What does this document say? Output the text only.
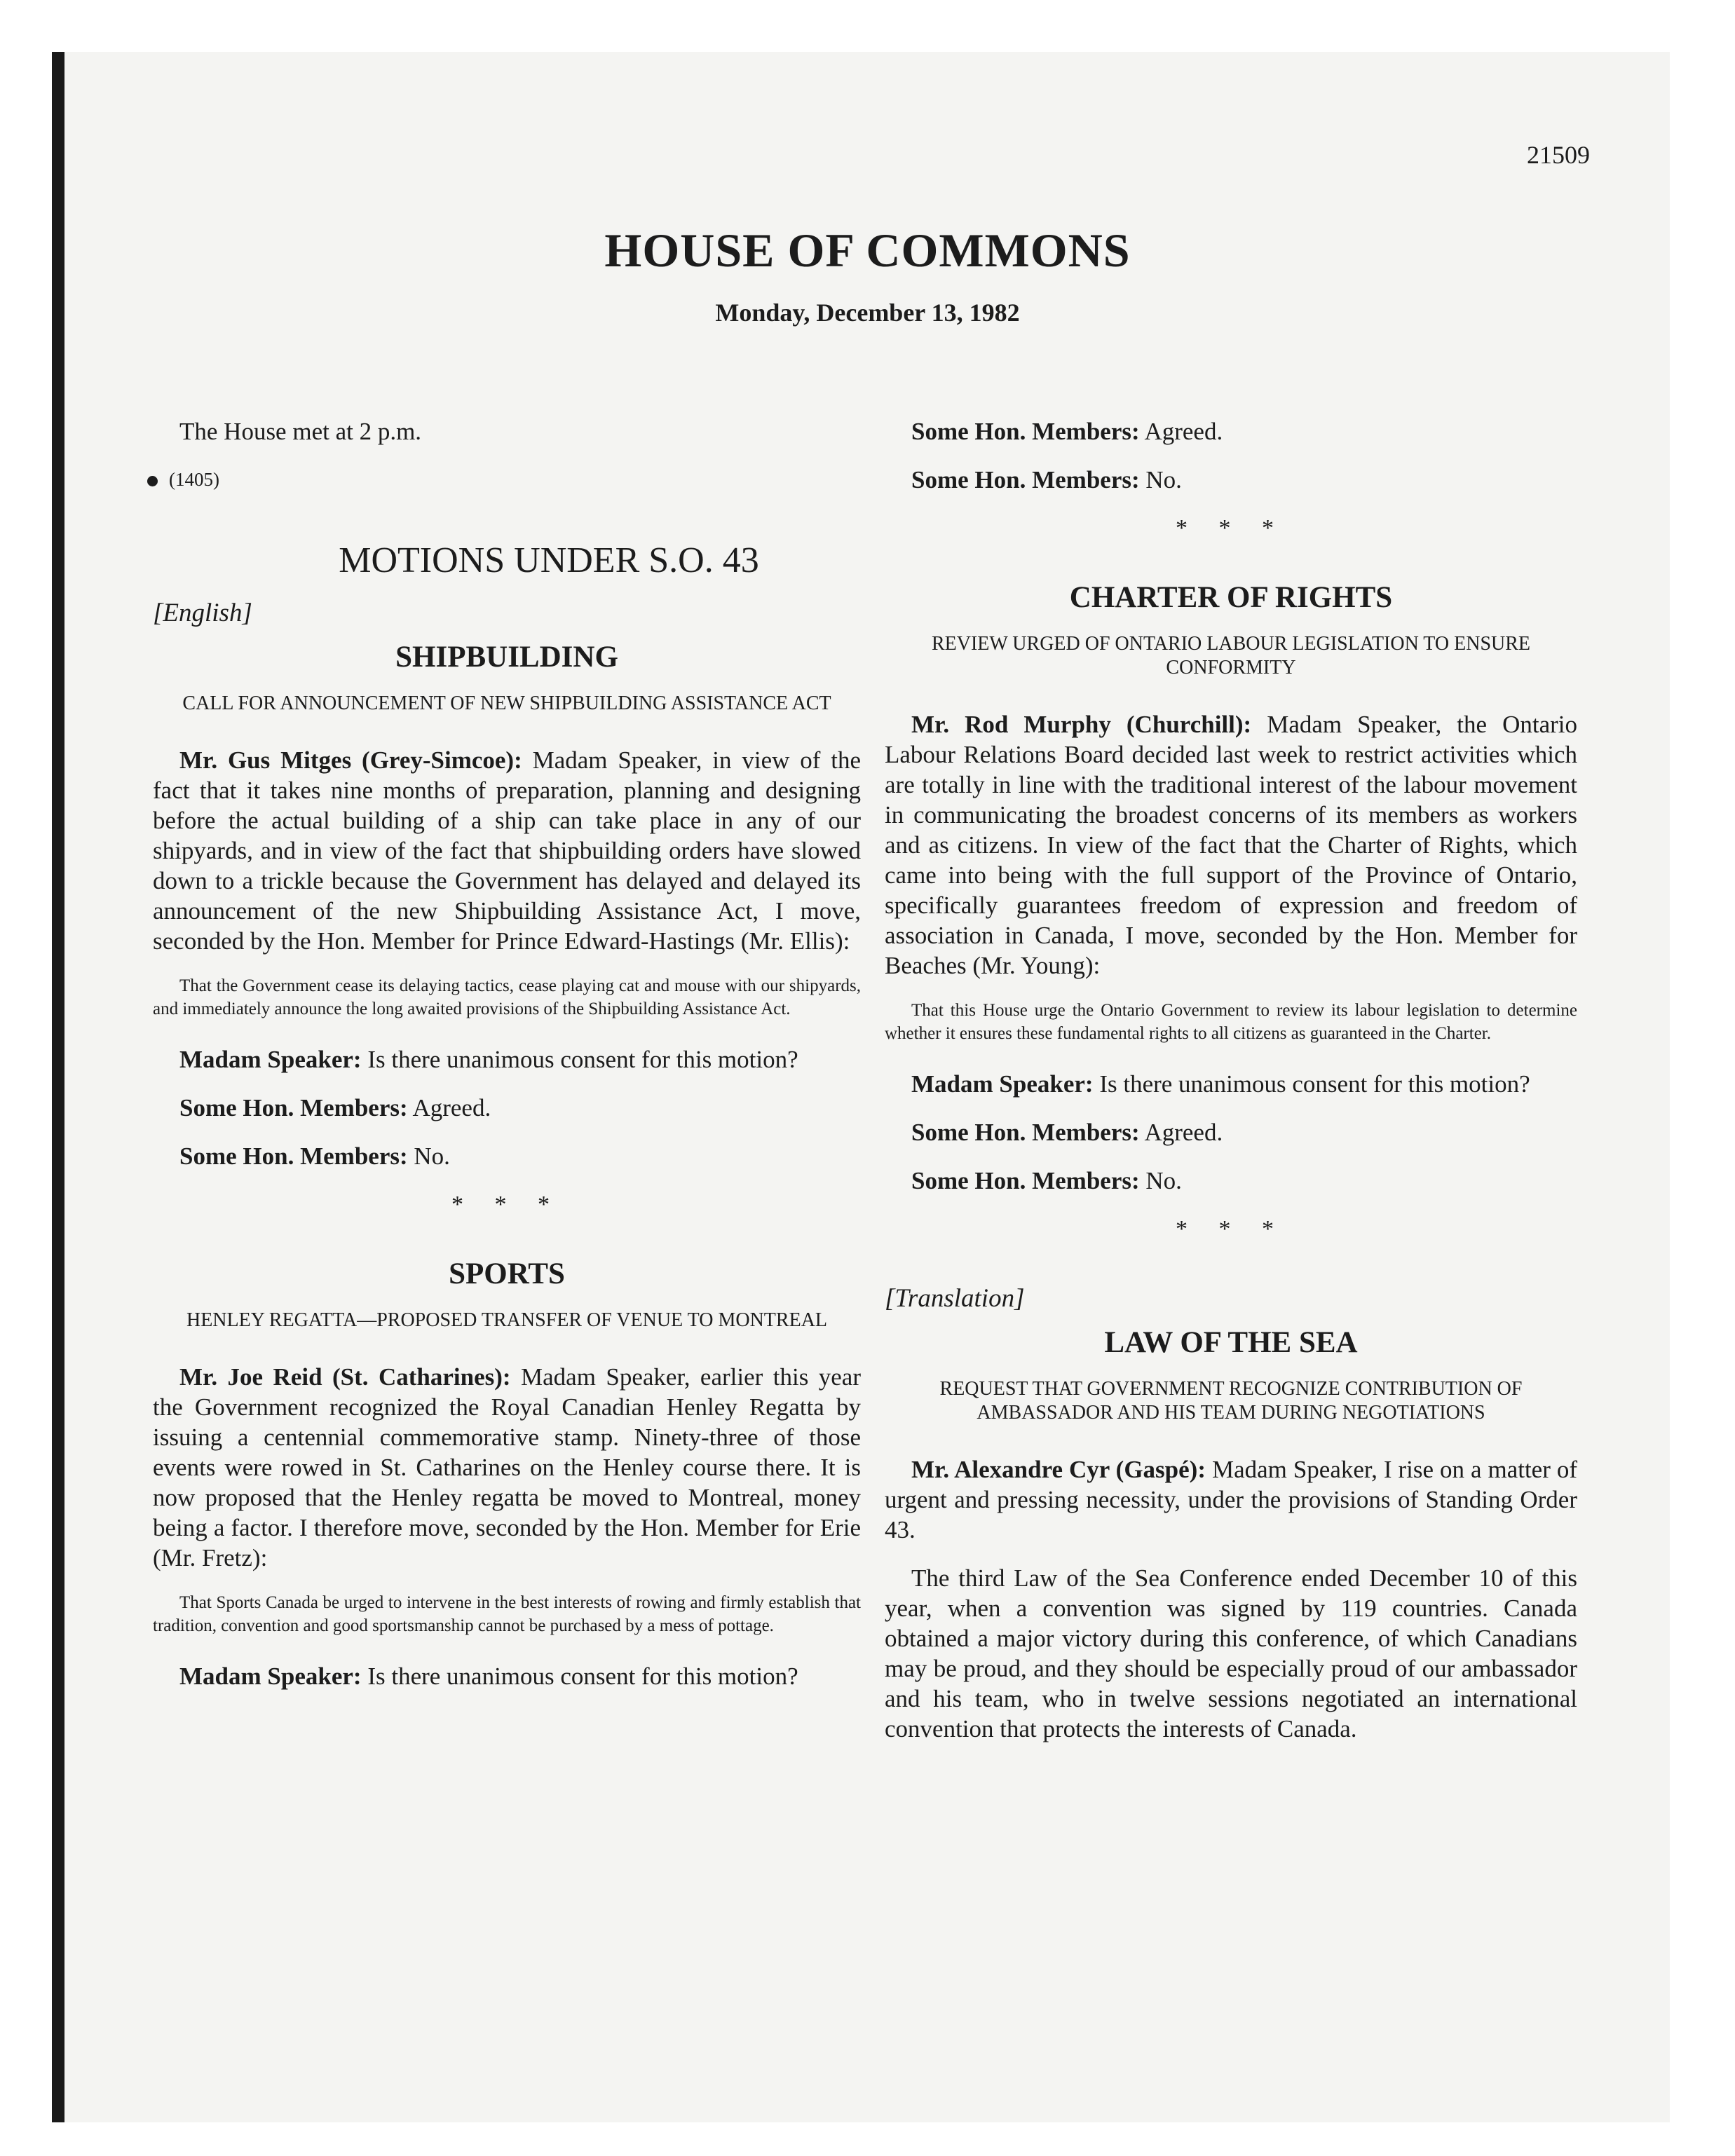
21509
HOUSE OF COMMONS
Monday, December 13, 1982

The House met at 2 p.m.

(1405)

MOTIONS UNDER S.O. 43

[English]

SHIPBUILDING

CALL FOR ANNOUNCEMENT OF NEW SHIPBUILDING ASSISTANCE ACT

Mr. Gus Mitges (Grey-Simcoe): Madam Speaker, in view of the fact that it takes nine months of preparation, planning and designing before the actual building of a ship can take place in any of our shipyards, and in view of the fact that shipbuilding orders have slowed down to a trickle because the Government has delayed and delayed its announcement of the new Shipbuilding Assistance Act, I move, seconded by the Hon. Member for Prince Edward-Hastings (Mr. Ellis):

That the Government cease its delaying tactics, cease playing cat and mouse with our shipyards, and immediately announce the long awaited provisions of the Shipbuilding Assistance Act.

Madam Speaker: Is there unanimous consent for this motion?

Some Hon. Members: Agreed.

Some Hon. Members: No.

* * *

SPORTS

HENLEY REGATTA—PROPOSED TRANSFER OF VENUE TO MONTREAL

Mr. Joe Reid (St. Catharines): Madam Speaker, earlier this year the Government recognized the Royal Canadian Henley Regatta by issuing a centennial commemorative stamp. Ninety-three of those events were rowed in St. Catharines on the Henley course there. It is now proposed that the Henley regatta be moved to Montreal, money being a factor. I therefore move, seconded by the Hon. Member for Erie (Mr. Fretz):

That Sports Canada be urged to intervene in the best interests of rowing and firmly establish that tradition, convention and good sportsmanship cannot be purchased by a mess of pottage.

Madam Speaker: Is there unanimous consent for this motion?

Some Hon. Members: Agreed.

Some Hon. Members: No.

* * *

CHARTER OF RIGHTS

REVIEW URGED OF ONTARIO LABOUR LEGISLATION TO ENSURE CONFORMITY

Mr. Rod Murphy (Churchill): Madam Speaker, the Ontario Labour Relations Board decided last week to restrict activities which are totally in line with the traditional interest of the labour movement in communicating the broadest concerns of its members as workers and as citizens. In view of the fact that the Charter of Rights, which came into being with the full support of the Province of Ontario, specifically guarantees freedom of expression and freedom of association in Canada, I move, seconded by the Hon. Member for Beaches (Mr. Young):

That this House urge the Ontario Government to review its labour legislation to determine whether it ensures these fundamental rights to all citizens as guaranteed in the Charter.

Madam Speaker: Is there unanimous consent for this motion?

Some Hon. Members: Agreed.

Some Hon. Members: No.

* * *

[Translation]

LAW OF THE SEA

REQUEST THAT GOVERNMENT RECOGNIZE CONTRIBUTION OF AMBASSADOR AND HIS TEAM DURING NEGOTIATIONS

Mr. Alexandre Cyr (Gaspé): Madam Speaker, I rise on a matter of urgent and pressing necessity, under the provisions of Standing Order 43.

The third Law of the Sea Conference ended December 10 of this year, when a convention was signed by 119 countries. Canada obtained a major victory during this conference, of which Canadians may be proud, and they should be especially proud of our ambassador and his team, who in twelve sessions negotiated an international convention that protects the interests of Canada.
